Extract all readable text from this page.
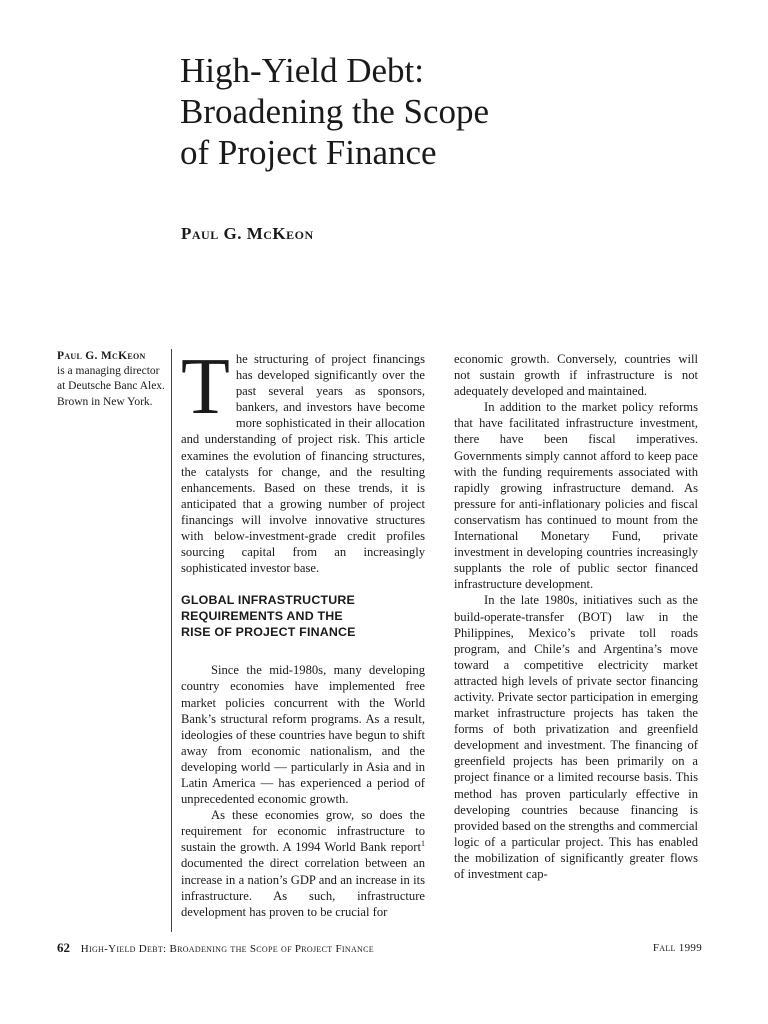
High-Yield Debt:
Broadening the Scope
of Project Finance
Paul G. McKeon
Paul G. McKeon
is a managing director at Deutsche Banc Alex. Brown in New York. The structuring of project financings has developed significantly over the past several years as sponsors, bankers, and investors have become more sophisticated in their allocation and understanding of project risk. This article examines the evolution of financing structures, the catalysts for change, and the resulting enhancements. Based on these trends, it is anticipated that a growing number of project financings will involve innovative structures with below-investment-grade credit profiles sourcing capital from an increasingly sophisticated investor base.

GLOBAL INFRASTRUCTURE
REQUIREMENTS AND THE
RISE OF PROJECT FINANCE

Since the mid-1980s, many developing country economies have implemented free market policies concurrent with the World Bank’s structural reform programs. As a result, ideologies of these countries have begun to shift away from economic nationalism, and the developing world — particularly in Asia and in Latin America — has experienced a period of unprecedented economic growth.

As these economies grow, so does the requirement for economic infrastructure to sustain the growth. A 1994 World Bank report$^1$ documented the direct correlation between an increase in a nation’s GDP and an increase in its infrastructure. As such, infrastructure development has proven to be crucial for

economic growth. Conversely, countries will not sustain growth if infrastructure is not adequately developed and maintained.

In addition to the market policy reforms that have facilitated infrastructure investment, there have been fiscal imperatives. Governments simply cannot afford to keep pace with the funding requirements associated with rapidly growing infrastructure demand. As pressure for anti-inflationary policies and fiscal conservatism has continued to mount from the International Monetary Fund, private investment in developing countries increasingly supplants the role of public sector financed infrastructure development.

In the late 1980s, initiatives such as the build-operate-transfer (BOT) law in the Philippines, Mexico’s private toll roads program, and Chile’s and Argentina’s move toward a competitive electricity market attracted high levels of private sector financing activity. Private sector participation in emerging market infrastructure projects has taken the forms of both privatization and greenfield development and investment. The financing of greenfield projects has been primarily on a project finance or a limited recourse basis. This method has proven particularly effective in developing countries because financing is provided based on the strengths and commercial logic of a particular project. This has enabled the mobilization of significantly greater flows of investment cap-

62 High-Yield Debt: Broadening the Scope of Project Finance	Fall 1999
